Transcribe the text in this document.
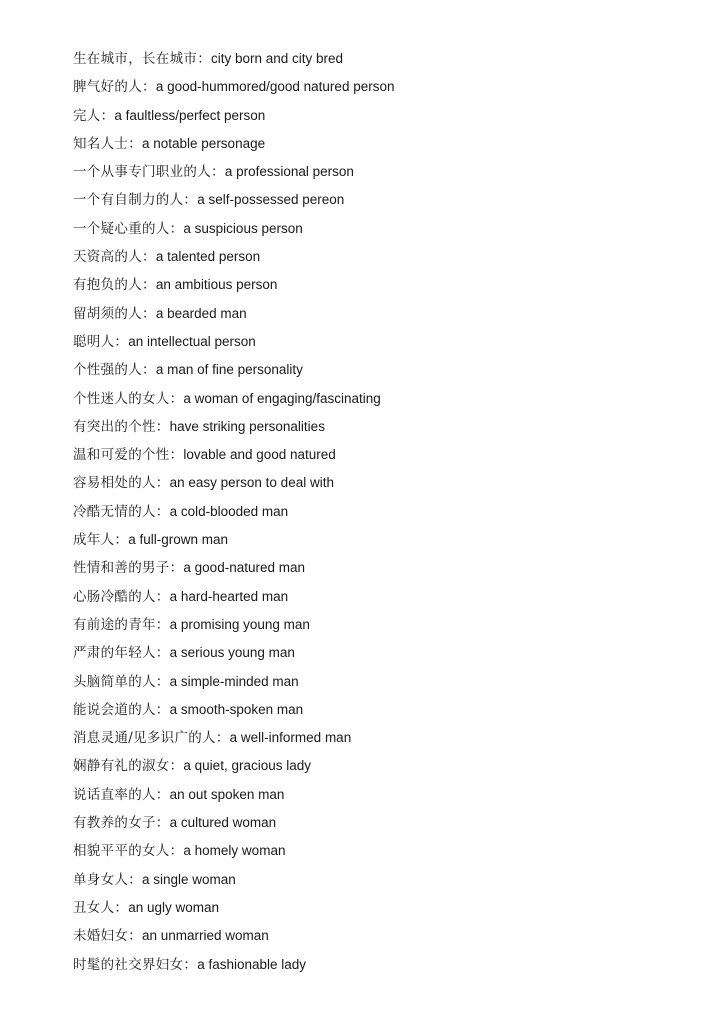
生在城市，长在城市：city born and city bred
脾气好的人：a good-hummored/good natured person
完人：a faultless/perfect person
知名人士：a notable personage
一个从事专门职业的人：a professional person
一个有自制力的人：a self-possessed pereon
一个疑心重的人：a suspicious person
天资高的人：a talented person
有抱负的人：an ambitious person
留胡须的人：a bearded man
聪明人：an intellectual person
个性强的人：a man of fine personality
个性迷人的女人：a woman of engaging/fascinating
有突出的个性：have striking personalities
温和可爱的个性：lovable and good natured
容易相处的人：an easy person to deal with
冷酷无情的人：a cold-blooded man
成年人：a full-grown man
性情和善的男子：a good-natured man
心肠冷酷的人：a hard-hearted man
有前途的青年：a promising young man
严肃的年轻人：a serious young man
头脑简单的人：a simple-minded man
能说会道的人：a smooth-spoken man
消息灵通/见多识广的人：a well-informed man
娴静有礼的淑女：a quiet, gracious lady
说话直率的人：an out spoken man
有教养的女子：a cultured woman
相貌平平的女人：a homely woman
单身女人：a single woman
丑女人：an ugly woman
未婚妇女：an unmarried woman
时髦的社交界妇女：a fashionable lady
